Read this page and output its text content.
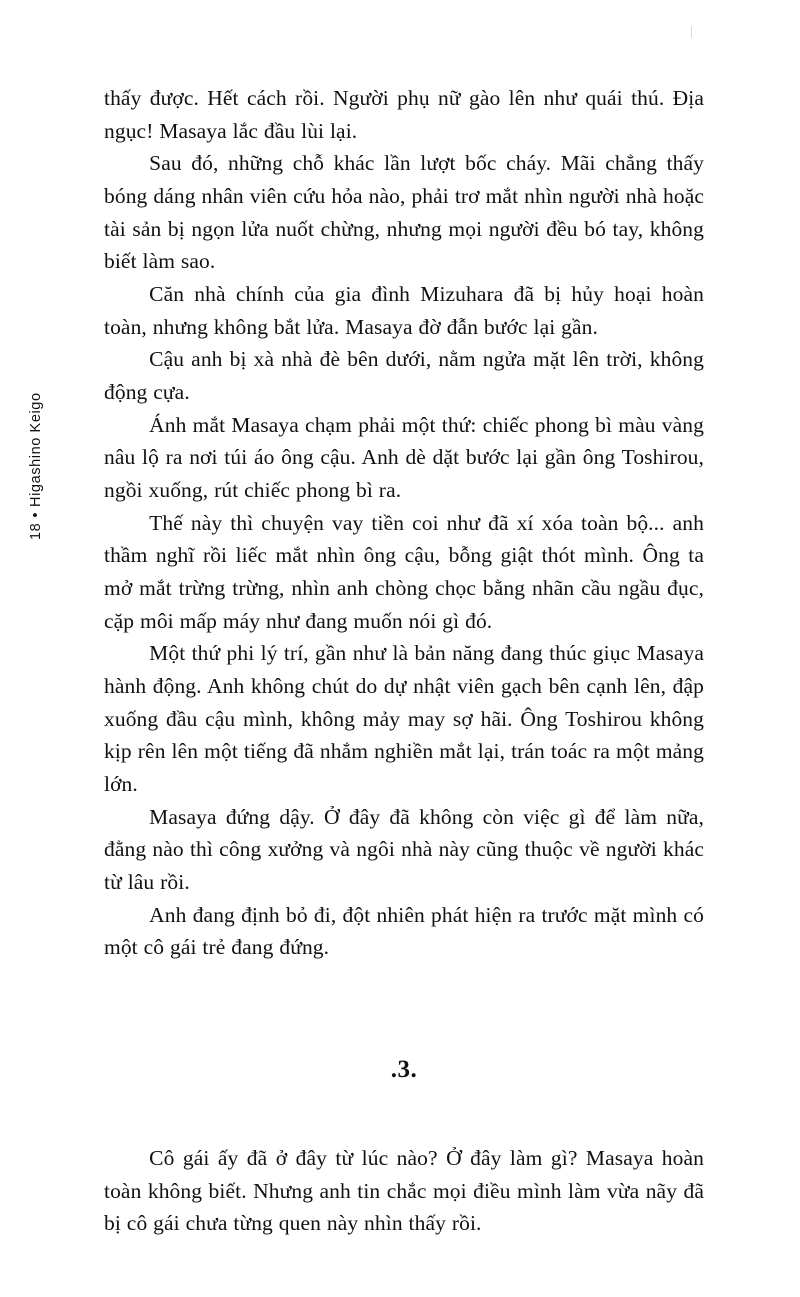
18•Higashino Keigo

thấy được. Hết cách rồi. Người phụ nữ gào lên như quái thú. Địa ngục! Masaya lắc đầu lùi lại.

Sau đó, những chỗ khác lần lượt bốc cháy. Mãi chẳng thấy bóng dáng nhân viên cứu hỏa nào, phải trơ mắt nhìn người nhà hoặc tài sản bị ngọn lửa nuốt chừng, nhưng mọi người đều bó tay, không biết làm sao.

Căn nhà chính của gia đình Mizuhara đã bị hủy hoại hoàn toàn, nhưng không bắt lửa. Masaya đờ đẫn bước lại gần.

Cậu anh bị xà nhà đè bên dưới, nằm ngửa mặt lên trời, không động cựa.

Ánh mắt Masaya chạm phải một thứ: chiếc phong bì màu vàng nâu lộ ra nơi túi áo ông cậu. Anh dè dặt bước lại gần ông Toshirou, ngồi xuống, rút chiếc phong bì ra.

Thế này thì chuyện vay tiền coi như đã xí xóa toàn bộ... anh thầm nghĩ rồi liếc mắt nhìn ông cậu, bỗng giật thót mình. Ông ta mở mắt trừng trừng, nhìn anh chòng chọc bằng nhãn cầu ngầu đục, cặp môi mấp máy như đang muốn nói gì đó.

Một thứ phi lý trí, gần như là bản năng đang thúc giục Masaya hành động. Anh không chút do dự nhật viên gạch bên cạnh lên, đập xuống đầu cậu mình, không mảy may sợ hãi. Ông Toshirou không kịp rên lên một tiếng đã nhắm nghiền mắt lại, trán toác ra một mảng lớn.

Masaya đứng dậy. Ở đây đã không còn việc gì để làm nữa, đằng nào thì công xưởng và ngôi nhà này cũng thuộc về người khác từ lâu rồi.

Anh đang định bỏ đi, đột nhiên phát hiện ra trước mặt mình có một cô gái trẻ đang đứng.

.3.

Cô gái ấy đã ở đây từ lúc nào? Ở đây làm gì? Masaya hoàn toàn không biết. Nhưng anh tin chắc mọi điều mình làm vừa nãy đã bị cô gái chưa từng quen này nhìn thấy rồi.
